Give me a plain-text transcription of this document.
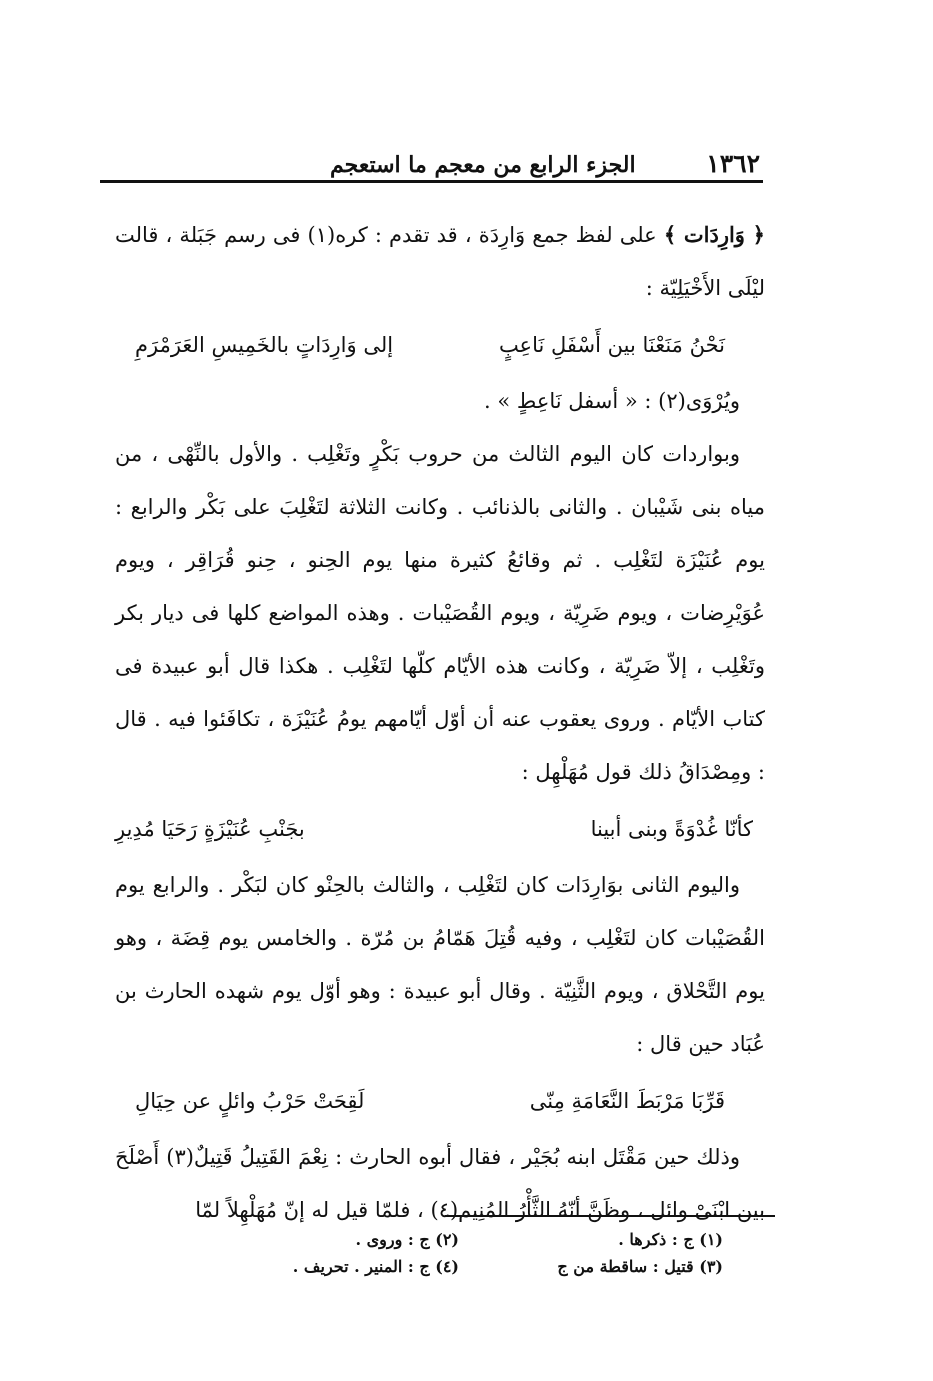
١٣٦٢
الجزء الرابع من معجم ما استعجم
﴿ وَارِدَات ﴾ على لفظ جمع وَارِدَة ، قد تقدم : كره(١) فى رسم جَبَلة ، قالت ليْلَى الأَخْيَلِيّة :
نَحْنُ مَنَعْنَا بين أَسْفَلِ نَاعِبٍ
إلى وَارِدَاتٍ بالخَمِيسِ العَرَمْرَمِ
ويُرْوَى(٢) : « أسفل نَاعِطٍ » .

وبواردات كان اليوم الثالث من حروب بَكْرٍ وتَغْلِب . والأول بالنِّهْى ، من مياه بنى شَيْبان . والثانى بالذنائب . وكانت الثلاثة لتَغْلِبَ على بَكْر والرابع : يوم عُنَيْزَة لتَغْلِب . ثم وقائعُ كثيرة منها يوم الحِنو ، حِنو قُرَاقِر ، ويوم عُوَيْرِضات ، ويوم ضَرِيّة ، ويوم القُصَيْبات . وهذه المواضع كلها فى ديار بكر وتَغْلِب ، إلاّ ضَرِيّة ، وكانت هذه الأيّام كلّها لتَغْلِب . هكذا قال أبو عبيدة فى كتاب الأيّام . وروى يعقوب عنه أن أوّل أيّامهم يومُ عُنَيْزَة ، تكافَئوا فيه . قال : ومِصْدَاقُ ذلك قول مُهَلْهِل :

كأنّا غُدْوَةً وبنى أبينا
بجَنْبِ عُنَيْزَةٍ رَحَيَا مُدِيرِ

واليوم الثانى بوَارِدَات كان لتَغْلِب ، والثالث بالحِنْو كان لبَكْر . والرابع يوم القُصَيْبات كان لتَغْلِب ، وفيه قُتِلَ هَمّامُ بن مُرّة . والخامس يوم قِضَة ، وهو يوم التَّحْلاق ، ويوم الثَّنِيّة . وقال أبو عبيدة : وهو أوّل يوم شهده الحارث بن عُبَاد حين قال :

قَرِّبَا مَرْبَطَ النَّعَامَةِ مِنّى
لَقِحَتْ حَرْبُ وائلٍ عن حِيَالِ

وذلك حين مَقْتَل ابنه بُجَيْر ، فقال أبوه الحارث : نِعْمَ القَتِيلُ قَتِيلٌ(٣) أَصْلَحَ بين ابْنَىْ وائل ، وظَنَّ أنّهُ الثَّأْرُ المُنِيم(٤) ، فلمّا قيل له إنّ مُهَلْهِلاً لمّا

(١) ج : ذكرها .
(٢) ج : وروى .
(٣) قتيل : ساقطة من ج
(٤) ج : المنير . تحريف .
